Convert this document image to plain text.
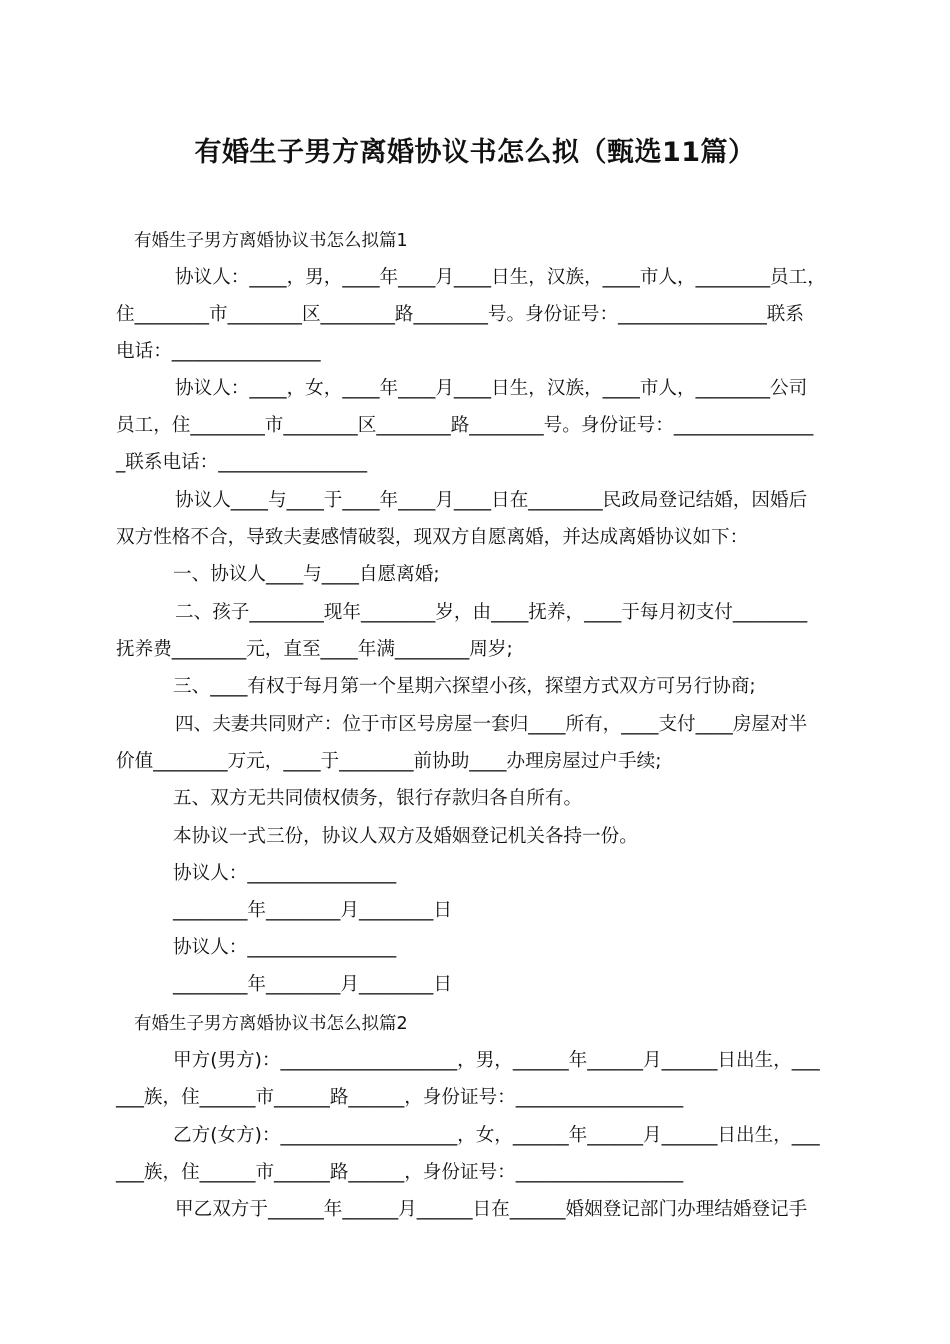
有婚生子男方离婚协议书怎么拟（甄选11篇）

有婚生子男方离婚协议书怎么拟篇1

协议人：____，男，____年____月____日生，汉族，____市人，________员工，

住________市________区________路________号。身份证号：________________联系

电话：________________

协议人：____，女，____年____月____日生，汉族，____市人，________公司

员工，住________市________区________路________号。身份证号：_______________

_联系电话：________________

协议人____与____于____年____月____日在________民政局登记结婚，因婚后

双方性格不合，导致夫妻感情破裂，现双方自愿离婚，并达成离婚协议如下：

一、协议人____与____自愿离婚;

二、孩子________现年________岁，由____抚养，____于每月初支付________

抚养费________元，直至____年满________周岁;

三、____有权于每月第一个星期六探望小孩，探望方式双方可另行协商;

四、夫妻共同财产：位于市区号房屋一套归____所有，____支付____房屋对半

价值________万元，____于________前协助____办理房屋过户手续;

五、双方无共同债权债务，银行存款归各自所有。

本协议一式三份，协议人双方及婚姻登记机关各持一份。

协议人：________________

________年________月________日

协议人：________________

________年________月________日

有婚生子男方离婚协议书怎么拟篇2

甲方(男方)：___________________，男，______年______月______日出生，___

___族，住______市______路______，身份证号：__________________

乙方(女方)：___________________，女，______年______月______日出生，___

___族，住______市______路______，身份证号：__________________

甲乙双方于______年______月______日在______婚姻登记部门办理结婚登记手
